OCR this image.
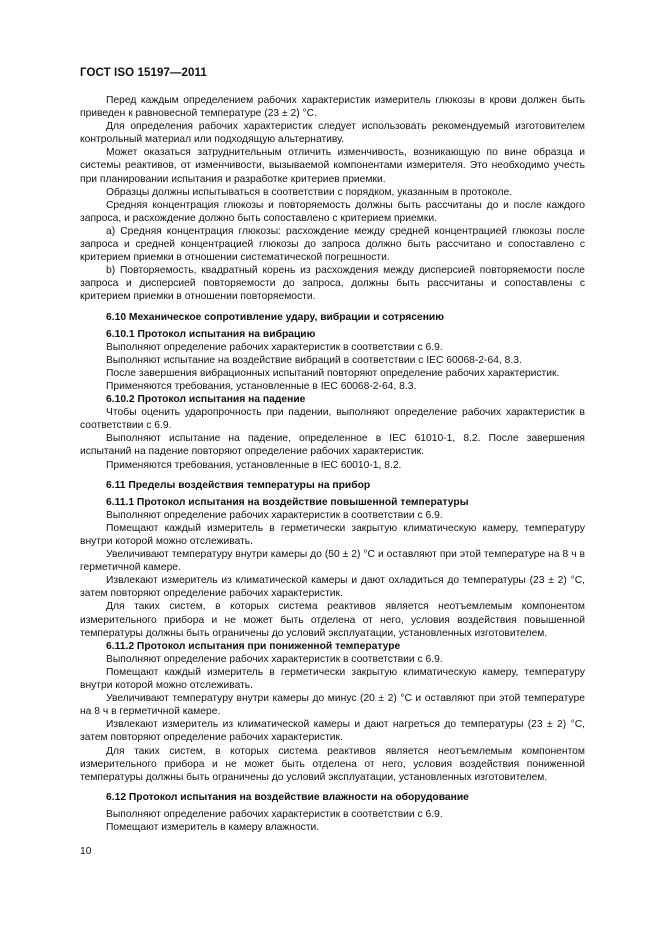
ГОСТ ISO 15197—2011

Перед каждым определением рабочих характеристик измеритель глюкозы в крови должен быть приведен к равновесной температуре (23 ± 2) °С.

Для определения рабочих характеристик следует использовать рекомендуемый изготовителем контрольный материал или подходящую альтернативу.

Может оказаться затруднительным отличить изменчивость, возникающую по вине образца и системы реактивов, от изменчивости, вызываемой компонентами измерителя. Это необходимо учесть при планировании испытания и разработке критериев приемки.

Образцы должны испытываться в соответствии с порядком, указанным в протоколе.

Средняя концентрация глюкозы и повторяемость должны быть рассчитаны до и после каждого запроса, и расхождение должно быть сопоставлено с критерием приемки.

а) Средняя концентрация глюкозы: расхождение между средней концентрацией глюкозы после запроса и средней концентрацией глюкозы до запроса должно быть рассчитано и сопоставлено с критерием приемки в отношении систематической погрешности.

b) Повторяемость, квадратный корень из расхождения между дисперсией повторяемости после запроса и дисперсией повторяемости до запроса, должны быть рассчитаны и сопоставлены с критерием приемки в отношении повторяемости.

6.10 Механическое сопротивление удару, вибрации и сотрясению

6.10.1 Протокол испытания на вибрацию

Выполняют определение рабочих характеристик в соответствии с 6.9.

Выполняют испытание на воздействие вибраций в соответствии с IEC 60068-2-64, 8.3.

После завершения вибрационных испытаний повторяют определение рабочих характеристик.

Применяются требования, установленные в IEC 60068-2-64, 8.3.

6.10.2 Протокол испытания на падение

Чтобы оценить ударопрочность при падении, выполняют определение рабочих характеристик в соответствии с 6.9.

Выполняют испытание на падение, определенное в IEC 61010-1, 8.2. После завершения испытаний на падение повторяют определение рабочих характеристик.

Применяются требования, установленные в IEC 60010-1, 8.2.

6.11 Пределы воздействия температуры на прибор

6.11.1 Протокол испытания на воздействие повышенной температуры

Выполняют определение рабочих характеристик в соответствии с 6.9.

Помещают каждый измеритель в герметически закрытую климатическую камеру, температуру внутри которой можно отслеживать.

Увеличивают температуру внутри камеры до (50 ± 2) °С и оставляют при этой температуре на 8 ч в герметичной камере.

Извлекают измеритель из климатической камеры и дают охладиться до температуры (23 ± 2) °С, затем повторяют определение рабочих характеристик.

Для таких систем, в которых система реактивов является неотъемлемым компонентом измерительного прибора и не может быть отделена от него, условия воздействия повышенной температуры должны быть ограничены до условий эксплуатации, установленных изготовителем.

6.11.2 Протокол испытания при пониженной температуре

Выполняют определение рабочих характеристик в соответствии с 6.9.

Помещают каждый измеритель в герметически закрытую климатическую камеру, температуру внутри которой можно отслеживать.

Увеличивают температуру внутри камеры до минус (20 ± 2) °С и оставляют при этой температуре на 8 ч в герметичной камере.

Извлекают измеритель из климатической камеры и дают нагреться до температуры (23 ± 2) °С, затем повторяют определение рабочих характеристик.

Для таких систем, в которых система реактивов является неотъемлемым компонентом измерительного прибора и не может быть отделена от него, условия воздействия пониженной температуры должны быть ограничены до условий эксплуатации, установленных изготовителем.

6.12 Протокол испытания на воздействие влажности на оборудование

Выполняют определение рабочих характеристик в соответствии с 6.9.

Помещают измеритель в камеру влажности.

10
